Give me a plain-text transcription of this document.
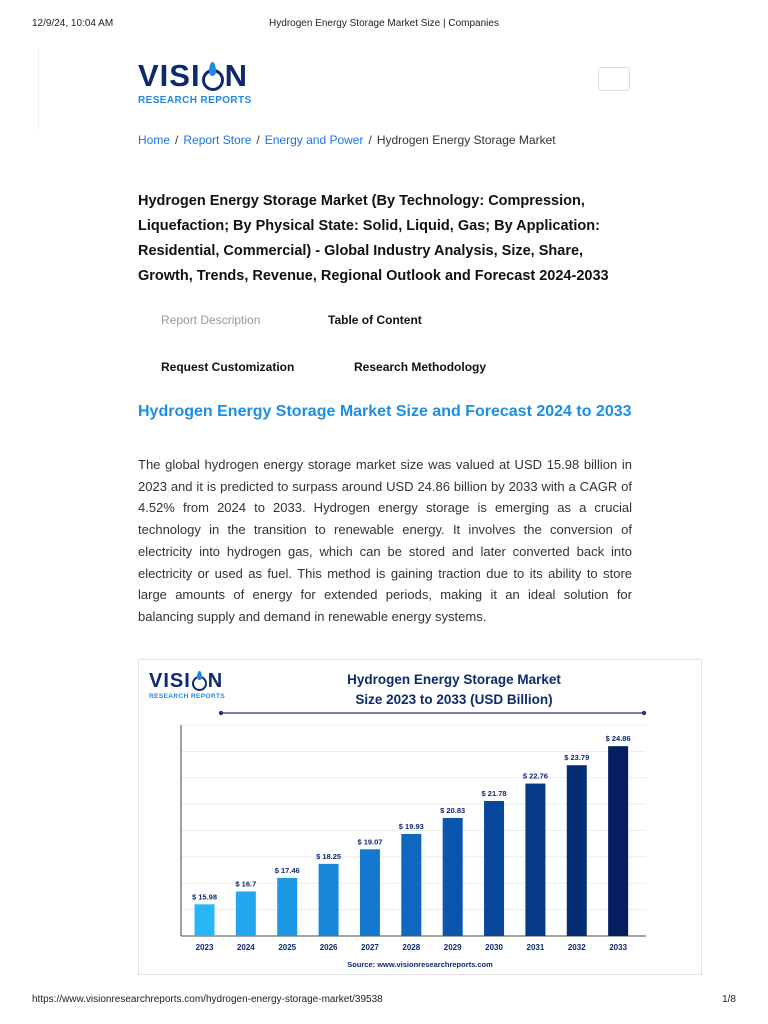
12/9/24, 10:04 AM	Hydrogen Energy Storage Market Size | Companies
VISI N
RESEARCH REPORTS
Home / Report Store / Energy and Power / Hydrogen Energy Storage Market
Hydrogen Energy Storage Market (By Technology: Compression, Liquefaction; By Physical State: Solid, Liquid, Gas; By Application: Residential, Commercial) - Global Industry Analysis, Size, Share, Growth, Trends, Revenue, Regional Outlook and Forecast 2024-2033
Report Description	Table of Content
Request Customization	Research Methodology
Hydrogen Energy Storage Market Size and Forecast 2024 to 2033

The global hydrogen energy storage market size was valued at USD 15.98 billion in 2023 and it is predicted to surpass around USD 24.86 billion by 2033 with a CAGR of 4.52% from 2024 to 2033. Hydrogen energy storage is emerging as a crucial technology in the transition to renewable energy. It involves the conversion of electricity into hydrogen gas, which can be stored and later converted back into electricity or used as fuel. This method is gaining traction due to its ability to store large amounts of energy for extended periods, making it an ideal solution for balancing supply and demand in renewable energy systems.

VISI N
RESEARCH REPORTS
Hydrogen Energy Storage Market
Size 2023 to 2033 (USD Billion)
$ 15.98
2023
$ 16.7
2024
$ 17.46
2025
$ 18.25
2026
$ 19.07
2027
$ 19.93
2028
$ 20.83
2029
$ 21.78
2030
$ 22.76
2031
$ 23.79
2032
$ 24.86
2033
Source: www.visionresearchreports.com
https://www.visionresearchreports.com/hydrogen-energy-storage-market/39538	1/8
